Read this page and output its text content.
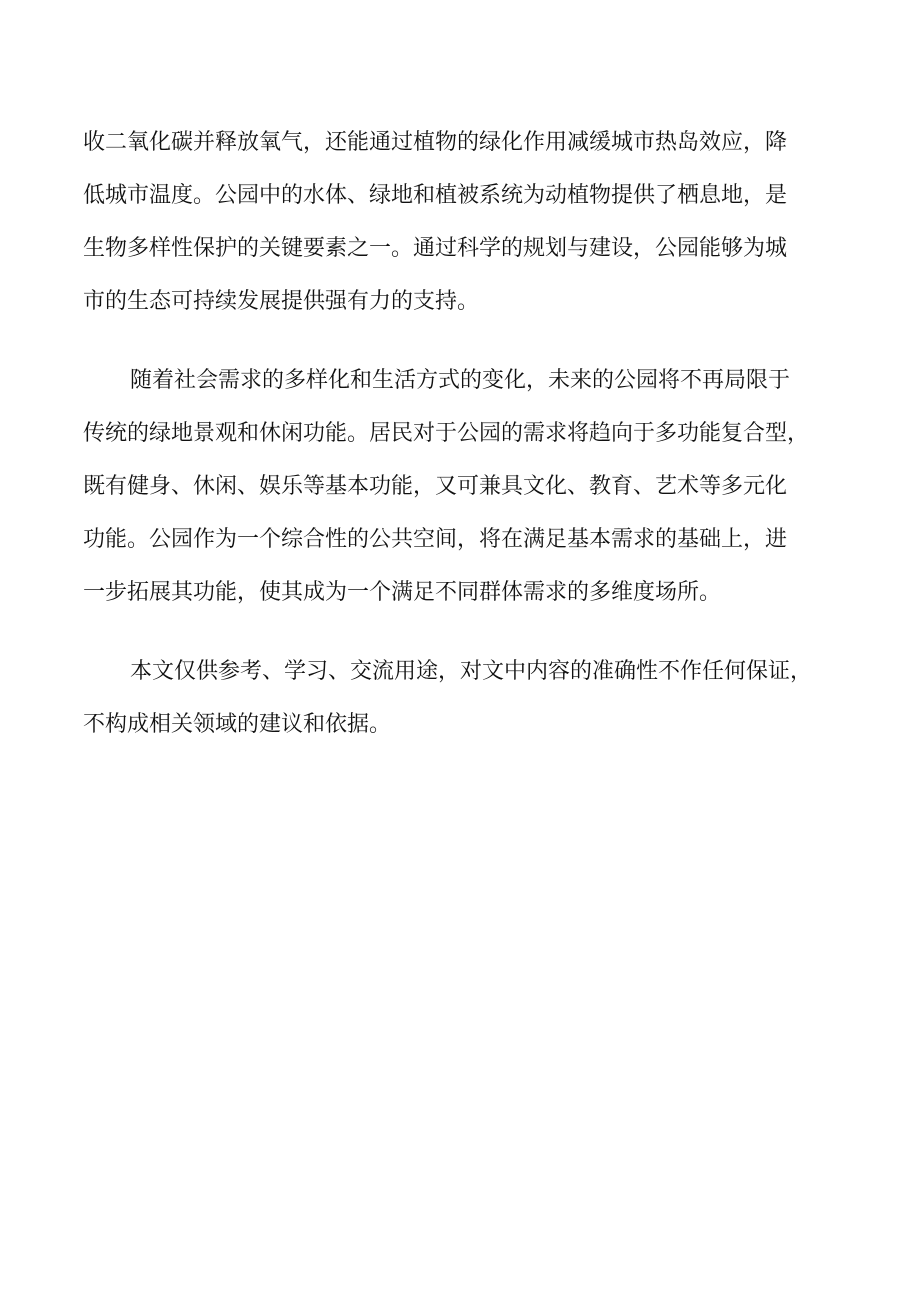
收二氧化碳并释放氧气，还能通过植物的绿化作用减缓城市热岛效应，降
低城市温度。公园中的水体、绿地和植被系统为动植物提供了栖息地，是
生物多样性保护的关键要素之一。通过科学的规划与建设，公园能够为城
市的生态可持续发展提供强有力的支持。

随着社会需求的多样化和生活方式的变化，未来的公园将不再局限于
传统的绿地景观和休闲功能。居民对于公园的需求将趋向于多功能复合型，
既有健身、休闲、娱乐等基本功能，又可兼具文化、教育、艺术等多元化
功能。公园作为一个综合性的公共空间，将在满足基本需求的基础上，进
一步拓展其功能，使其成为一个满足不同群体需求的多维度场所。

本文仅供参考、学习、交流用途，对文中内容的准确性不作任何保证，
不构成相关领域的建议和依据。
